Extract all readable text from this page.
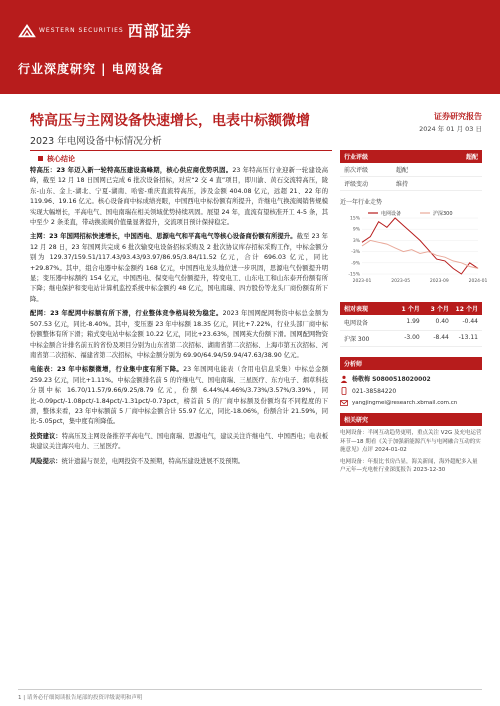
WESTERN SECURITIES 西部证券
行业深度研究 | 电网设备
特高压与主网设备快速增长，电表中标额微增
2023 年电网设备中标情况分析
证券研究报告
2024 年 01 月 03 日
核心结论

特高压：23 年迈入新一轮特高压建设高峰期，核心供应商优势巩固。23 年特高压行业迎新一轮建设高峰，截至 12 月 18 日国网已完成 6 批次设备招标，对应“2 交 4 直”项目，即川渝、黄石交流特高压，陇东-山东、金上-湖北、宁夏-湖南、哈密-重庆直流特高压，涉及金额 404.08 亿元，远超 21、22 年的 119.96、19.16 亿元。核心设备商中标成绩亮眼，中国西电中标份额有所提升，许继电气换流阀销售规模实现大幅增长，平高电气、国电南瑞在相关领域优势持续巩固。展望 24 年，直流有望核准开工 4-5 条，其中至少 2 条柔直，带动换流阀价值量显著提升，交流项目预计保持稳定。

主网：23 年国网招标快速增长，中国西电、思源电气和平高电气等核心设备商份额有所提升。截至 23 年 12 月 28 日，23 年国网共完成 6 批次输变电设备招标采购及 2 批次协议库存招标采购工作，中标金额分别为 129.37/159.51/117.43/93.43/93.97/86.95/3.84/11.52 亿元，合计 696.03 亿元，同比+29.87%。其中，组合电器中标金额约 168 亿元，中国西电龙头地位进一步巩固，思源电气份额提升明显；变压器中标额约 154 亿元，中国西电、保变电气份额提升，特变电工、山东电工和山东泰开份额有所下降；继电保护和变电站计算机监控系统中标金额约 48 亿元，国电南瑞、四方股份等龙头厂商份额有所下降。

配网：23 年配网中标额有所下滑，行业整体竞争格局较为稳定。2023 年国网配网物资中标总金额为 507.53 亿元，同比-8.40%。其中，变压器 23 年中标额 18.35 亿元，同比+7.22%，行业头部厂商中标份额整体有所下滑；箱式变电站中标金额 10.22 亿元，同比+23.63%，国网英大份额下滑。国网配网物资中标金额合计排名前五的省份及项目分别为山东省第二次招标、湖南省第二次招标、上海市第五次招标、河南省第二次招标、福建省第二次招标，中标金额分别为 69.90/64.94/59.94/47.63/38.90 亿元。

电能表：23 年中标额微增，行业集中度有所下降。23 年国网电能表（含用电信息采集）中标总金额 259.23 亿元，同比+1.11%。中标金额排名前 5 的许继电气、国电南瑞、三星医疗、东方电子、烟草科技分别中标 16.70/11.57/9.66/9.25/8.79 亿元，份额 6.44%/4.46%/3.73%/3.57%/3.39%，同比-0.09pct/-1.08pct/-1.84pct/-1.31pct/-0.73pct，榜首前 5 的厂商中标额及份额均有不同程度的下滑，整体来看，23 年中标额前 5 厂商中标金额合计 55.97 亿元，同比-18.06%，份额合计 21.59%，同比-5.05pct，集中度有所降低。

投资建议：特高压及主网设备推荐平高电气、国电南瑞、思源电气，建议关注许继电气、中国西电；电表板块建议关注海兴电力、三星医疗。

风险提示：统计遗漏与误差，电网投资不及预期，特高压建设进展不及预期。

行业评级	超配
前次评级	超配
评级变动	维持
近一年行业走势
电网设备	沪深300
15%
9%
3%
-3%
-9%
-15%
2023-01	2023-05	2023-09	2024-01
相对表现	1 个月	3 个月	12 个月
电网设备	1.99	0.40	-0.44
沪深 300	-3.00	-8.44	-13.11
分析师
杨敬梅 S0800518020002
021-38584220
yangjingmei@research.xbmail.com.cn
相关研究
电网设备：半网互动趋势更明，重点关注 V2G 及充电运营环节—18 期看《关于加强新能源汽车与电网融合互动的实施意见》点评 2024-01-02
电网设备：年报比书房凸显，海关新闻，海外超配多入量户元年—充电桩行业深度报告 2023-12-30
1 | 请务必仔细阅读报告尾部的投资评级说明和声明
